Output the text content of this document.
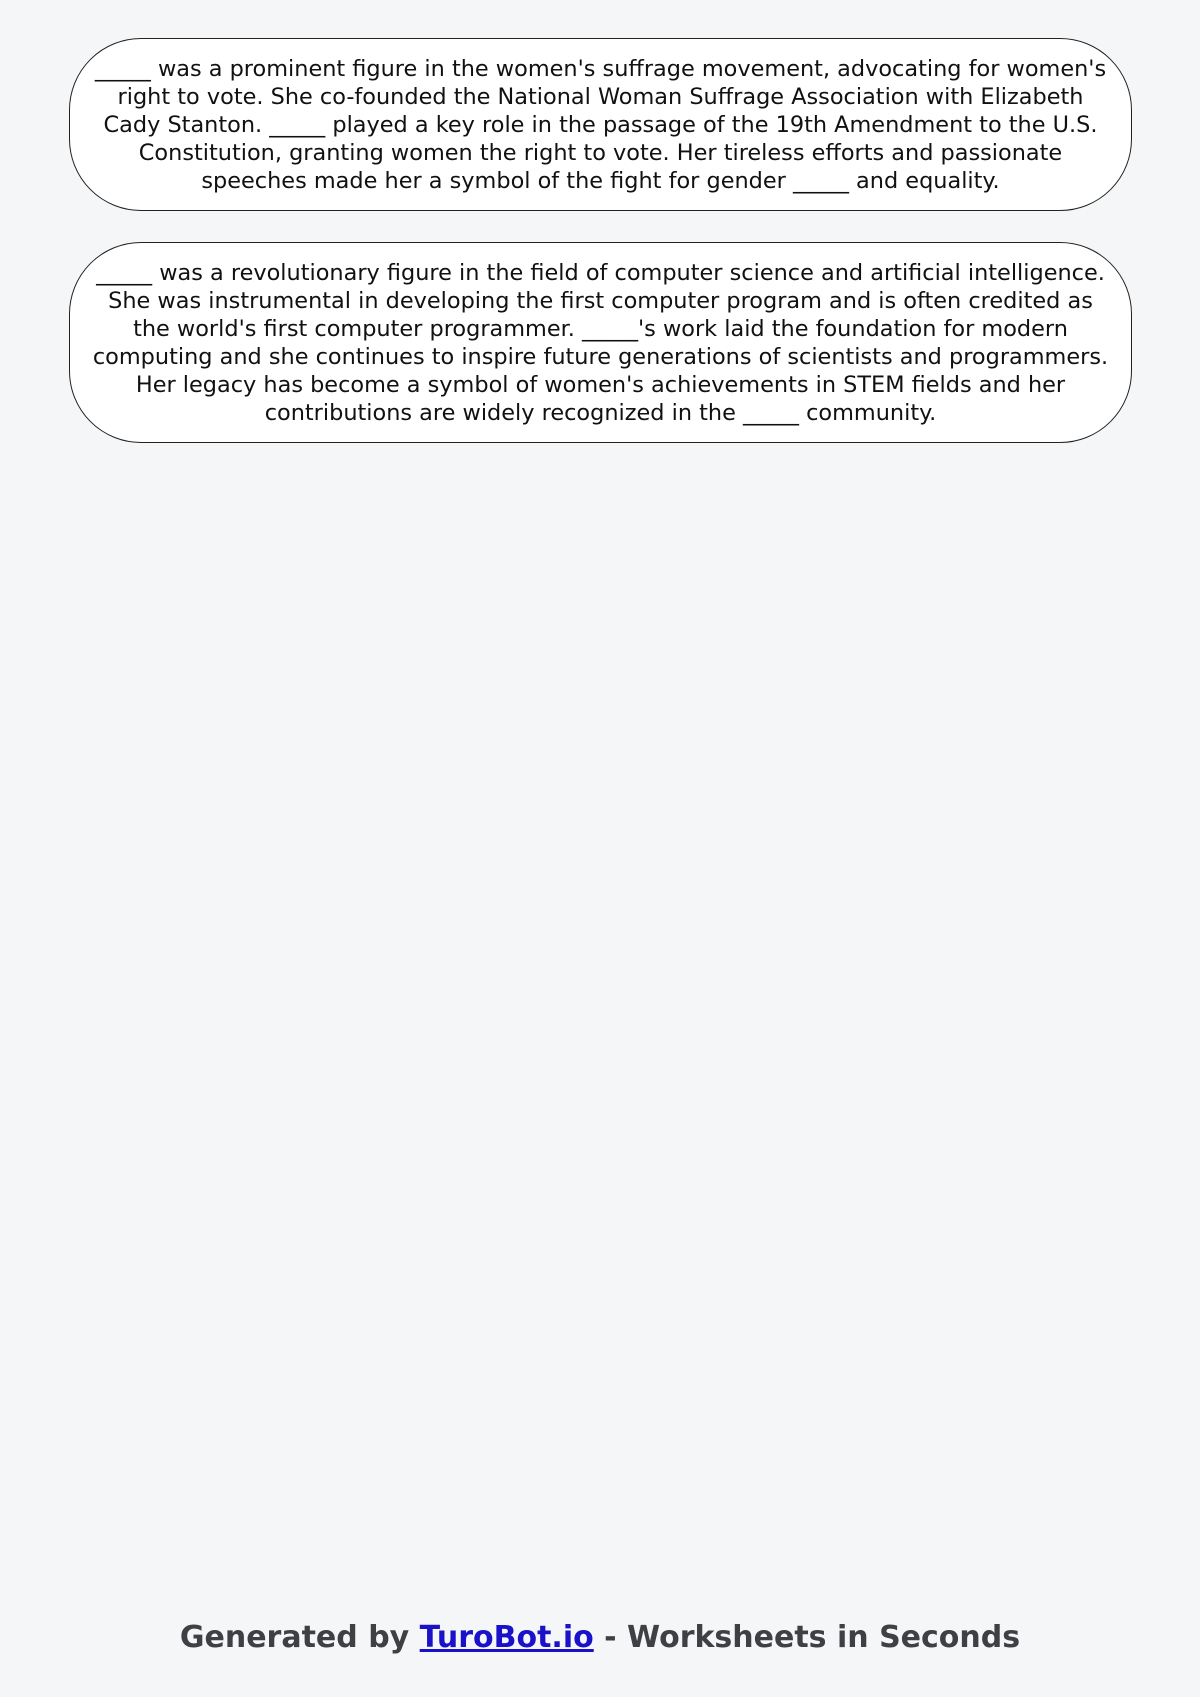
_____ was a prominent figure in the women's suffrage movement, advocating for women's right to vote. She co-founded the National Woman Suffrage Association with Elizabeth Cady Stanton. _____ played a key role in the passage of the 19th Amendment to the U.S. Constitution, granting women the right to vote. Her tireless efforts and passionate speeches made her a symbol of the fight for gender _____ and equality.
_____ was a revolutionary figure in the field of computer science and artificial intelligence. She was instrumental in developing the first computer program and is often credited as the world's first computer programmer. _____'s work laid the foundation for modern computing and she continues to inspire future generations of scientists and programmers. Her legacy has become a symbol of women's achievements in STEM fields and her contributions are widely recognized in the _____ community.
Generated by TuroBot.io - Worksheets in Seconds
